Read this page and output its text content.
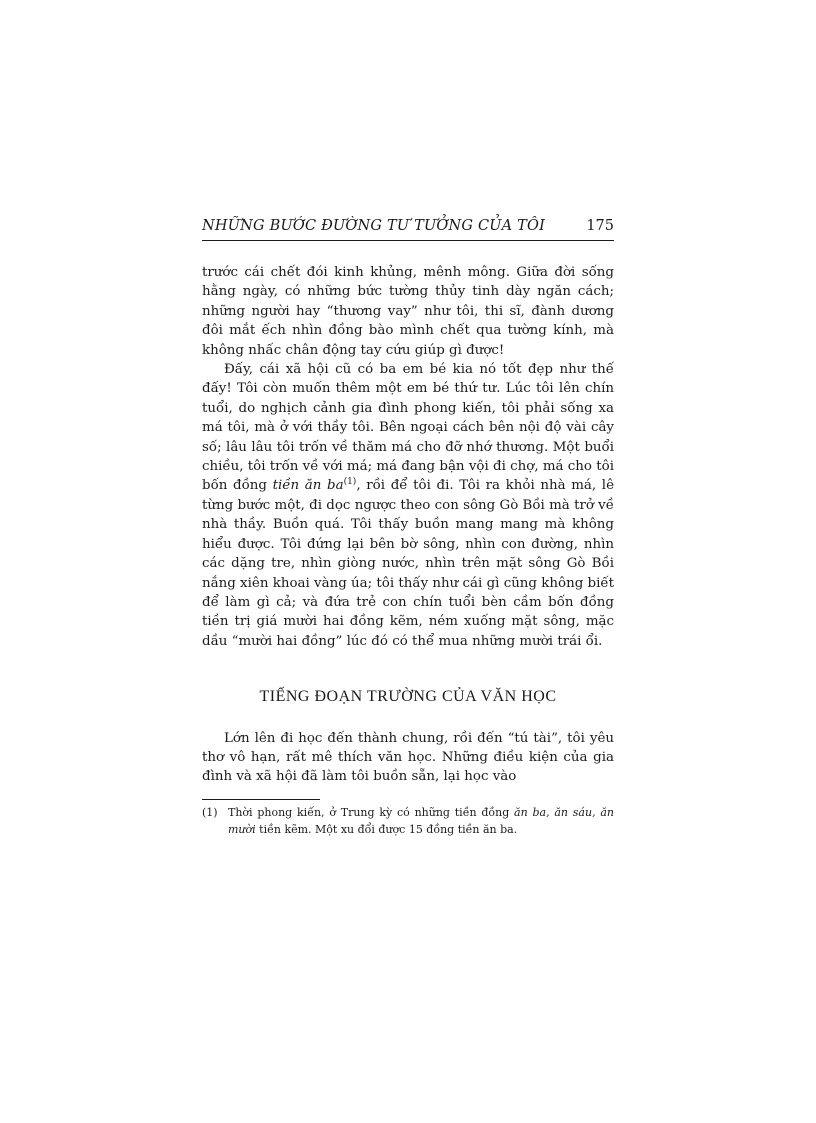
NHỮNG BƯỚC ĐƯỜNG TƯ TƯỞNG CỦA TÔI	175

trước cái chết đói kinh khủng, mênh mông. Giữa đời sống hằng ngày, có những bức tường thủy tinh dày ngăn cách; những người hay “thương vay” như tôi, thi sĩ, đành dương đôi mắt ếch nhìn đồng bào mình chết qua tường kính, mà không nhấc chân động tay cứu giúp gì được!

Đấy, cái xã hội cũ có ba em bé kia nó tốt đẹp như thế đấy! Tôi còn muốn thêm một em bé thứ tư. Lúc tôi lên chín tuổi, do nghịch cảnh gia đình phong kiến, tôi phải sống xa má tôi, mà ở với thầy tôi. Bên ngoại cách bên nội độ vài cây số; lâu lâu tôi trốn về thăm má cho đỡ nhớ thương. Một buổi chiều, tôi trốn về với má; má đang bận vội đi chợ, má cho tôi bốn đồng tiền ăn $ba^{(1)}$, rồi để tôi đi. Tôi ra khỏi nhà má, lê từng bước một, đi dọc ngược theo con sông Gò Bồi mà trở về nhà thầy. Buồn quá. Tôi thấy buồn mang mang mà không hiểu được. Tôi đứng lại bên bờ sông, nhìn con đường, nhìn các dặng tre, nhìn giòng nước, nhìn trên mặt sông Gò Bồi nắng xiên khoai vàng úa; tôi thấy như cái gì cũng không biết để làm gì cả; và đứa trẻ con chín tuổi bèn cầm bốn đồng tiền trị giá mười hai đồng kẽm, ném xuống mặt sông, mặc dầu “mười hai đồng” lúc đó có thể mua những mười trái ổi.

TIẾNG ĐOẠN TRƯỜNG CỦA VĂN HỌC

Lớn lên đi học đến thành chung, rồi đến “tú tài”, tôi yêu thơ vô hạn, rất mê thích văn học. Những điều kiện của gia đình và xã hội đã làm tôi buồn sẵn, lại học vào

(1) Thời phong kiến, ở Trung kỳ có những tiền đồng ăn ba, ăn sáu, ăn mười tiền kẽm. Một xu đổi được 15 đồng tiền ăn ba.
